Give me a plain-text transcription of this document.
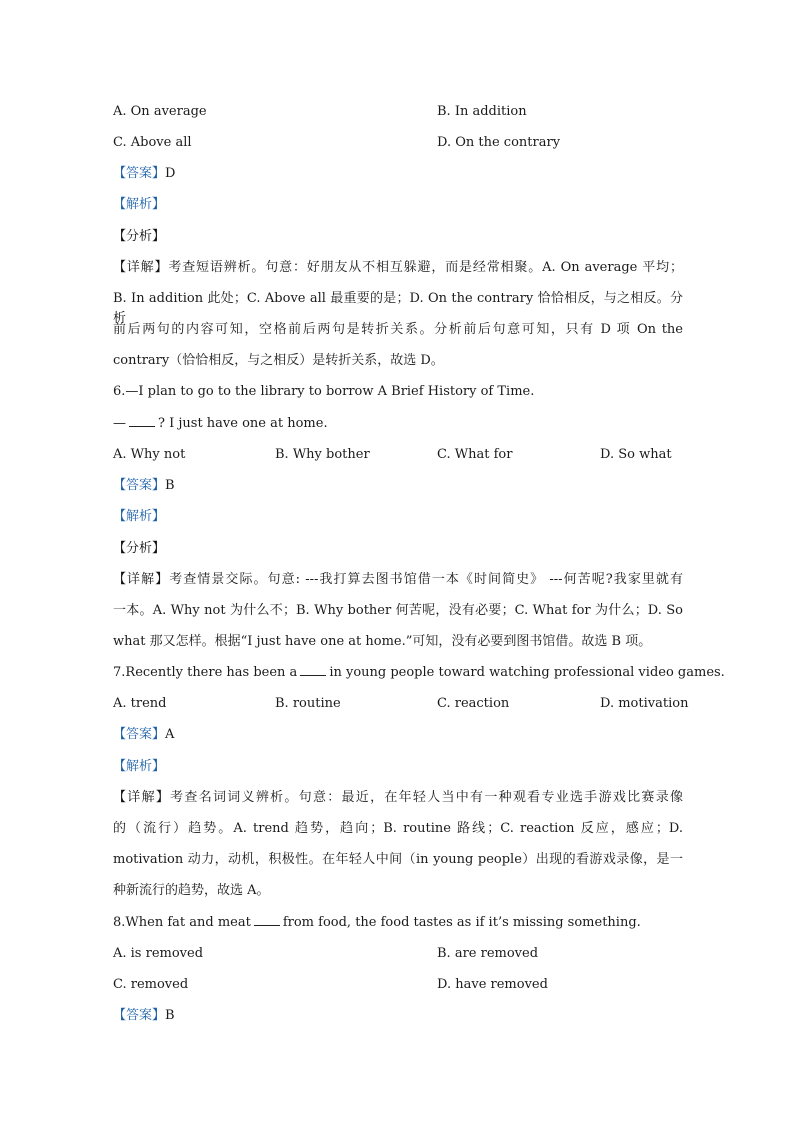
A. On average	B. In addition
C. Above all	D. On the contrary
【答案】D
【解析】
【分析】
【详解】考查短语辨析。句意：好朋友从不相互躲避，而是经常相聚。A. On average 平均；
B. In addition 此处；C. Above all 最重要的是；D. On the contrary 恰恰相反，与之相反。分析
前后两句的内容可知，空格前后两句是转折关系。分析前后句意可知，只有 D 项 On the
contrary（恰恰相反，与之相反）是转折关系，故选 D。
6.—I plan to go to the library to borrow A Brief History of Time.
— ? I just have one at home.
A. Why not	B. Why bother	C. What for	D. So what
【答案】B
【解析】
【分析】
【详解】考查情景交际。句意: ---我打算去图书馆借一本《时间简史》 ---何苦呢?我家里就有
一本。A. Why not 为什么不；B. Why bother 何苦呢，没有必要；C. What for 为什么；D. So
what 那又怎样。根据“I just have one at home.”可知，没有必要到图书馆借。故选 B 项。
7.Recently there has been a in young people toward watching professional video games.
A. trend	B. routine	C. reaction	D. motivation
【答案】A
【解析】
【详解】考查名词词义辨析。句意：最近，在年轻人当中有一种观看专业选手游戏比赛录像
的（流行）趋势。A. trend 趋势，趋向；B. routine 路线；C. reaction 反应，感应；D.
motivation 动力，动机，积极性。在年轻人中间（in young people）出现的看游戏录像，是一
种新流行的趋势，故选 A。
8.When fat and meat from food, the food tastes as if it’s missing something.
A. is removed	B. are removed
C. removed	D. have removed
【答案】B
